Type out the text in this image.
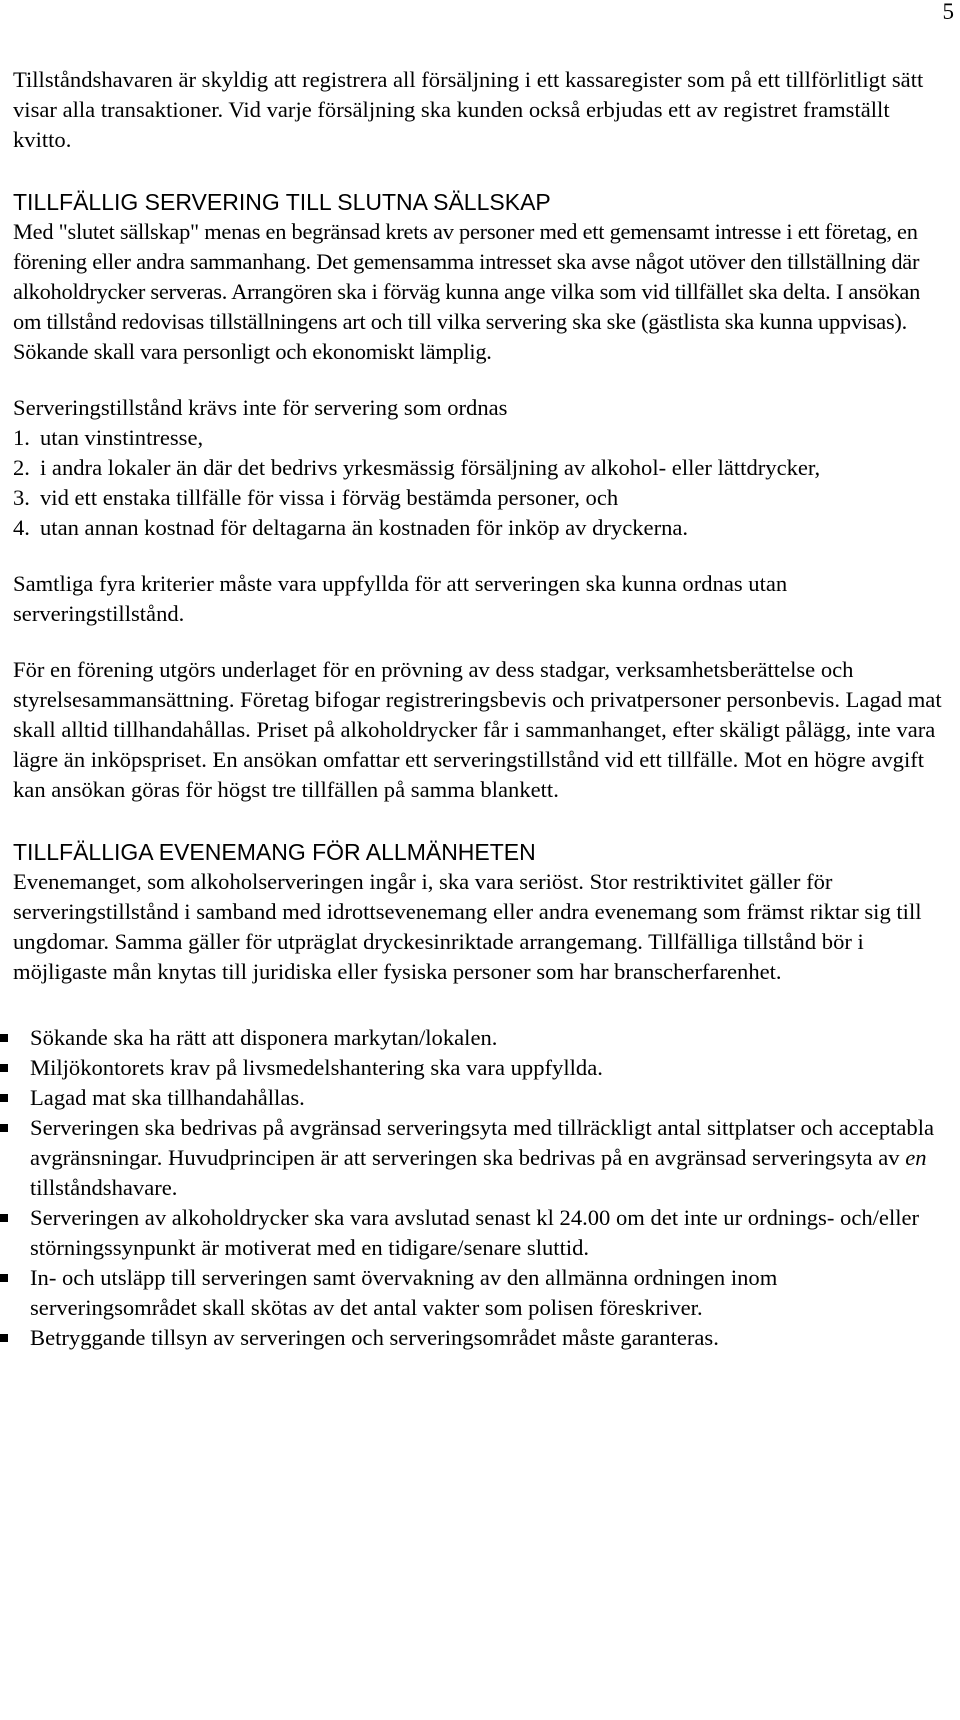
5

Tillståndshavaren är skyldig att registrera all försäljning i ett kassaregister som på ett tillförlitligt sätt visar alla transaktioner. Vid varje försäljning ska kunden också erbjudas ett av registret framställt kvitto.

TILLFÄLLIG SERVERING TILL SLUTNA SÄLLSKAP

Med "slutet sällskap" menas en begränsad krets av personer med ett gemensamt intresse i ett företag, en förening eller andra sammanhang. Det gemensamma intresset ska avse något utöver den tillställning där alkoholdrycker serveras. Arrangören ska i förväg kunna ange vilka som vid tillfället ska delta. I ansökan om tillstånd redovisas tillställningens art och till vilka servering ska ske (gästlista ska kunna uppvisas). Sökande skall vara personligt och ekonomiskt lämplig.

Serveringstillstånd krävs inte för servering som ordnas

1. utan vinstintresse,
2. i andra lokaler än där det bedrivs yrkesmässig försäljning av alkohol- eller lättdrycker,
3. vid ett enstaka tillfälle för vissa i förväg bestämda personer, och
4. utan annan kostnad för deltagarna än kostnaden för inköp av dryckerna.

Samtliga fyra kriterier måste vara uppfyllda för att serveringen ska kunna ordnas utan serveringstillstånd.

För en förening utgörs underlaget för en prövning av dess stadgar, verksamhetsberättelse och styrelsesammansättning. Företag bifogar registreringsbevis och privatpersoner personbevis. Lagad mat skall alltid tillhandahållas. Priset på alkoholdrycker får i sammanhanget, efter skäligt pålägg, inte vara lägre än inköpspriset. En ansökan omfattar ett serveringstillstånd vid ett tillfälle. Mot en högre avgift kan ansökan göras för högst tre tillfällen på samma blankett.

TILLFÄLLIGA EVENEMANG FÖR ALLMÄNHETEN

Evenemanget, som alkoholserveringen ingår i, ska vara seriöst. Stor restriktivitet gäller för serveringstillstånd i samband med idrottsevenemang eller andra evenemang som främst riktar sig till ungdomar. Samma gäller för utpräglat dryckesinriktade arrangemang. Tillfälliga tillstånd bör i möjligaste mån knytas till juridiska eller fysiska personer som har branscherfarenhet.

Sökande ska ha rätt att disponera markytan/lokalen.
Miljökontorets krav på livsmedelshantering ska vara uppfyllda.
Lagad mat ska tillhandahållas.
Serveringen ska bedrivas på avgränsad serveringsyta med tillräckligt antal sittplatser och acceptabla avgränsningar. Huvudprincipen är att serveringen ska bedrivas på en avgränsad serveringsyta av en tillståndshavare.
Serveringen av alkoholdrycker ska vara avslutad senast kl 24.00 om det inte ur ordnings- och/eller störningssynpunkt är motiverat med en tidigare/senare sluttid.
In- och utsläpp till serveringen samt övervakning av den allmänna ordningen inom serveringsområdet skall skötas av det antal vakter som polisen föreskriver.
Betryggande tillsyn av serveringen och serveringsområdet måste garanteras.
